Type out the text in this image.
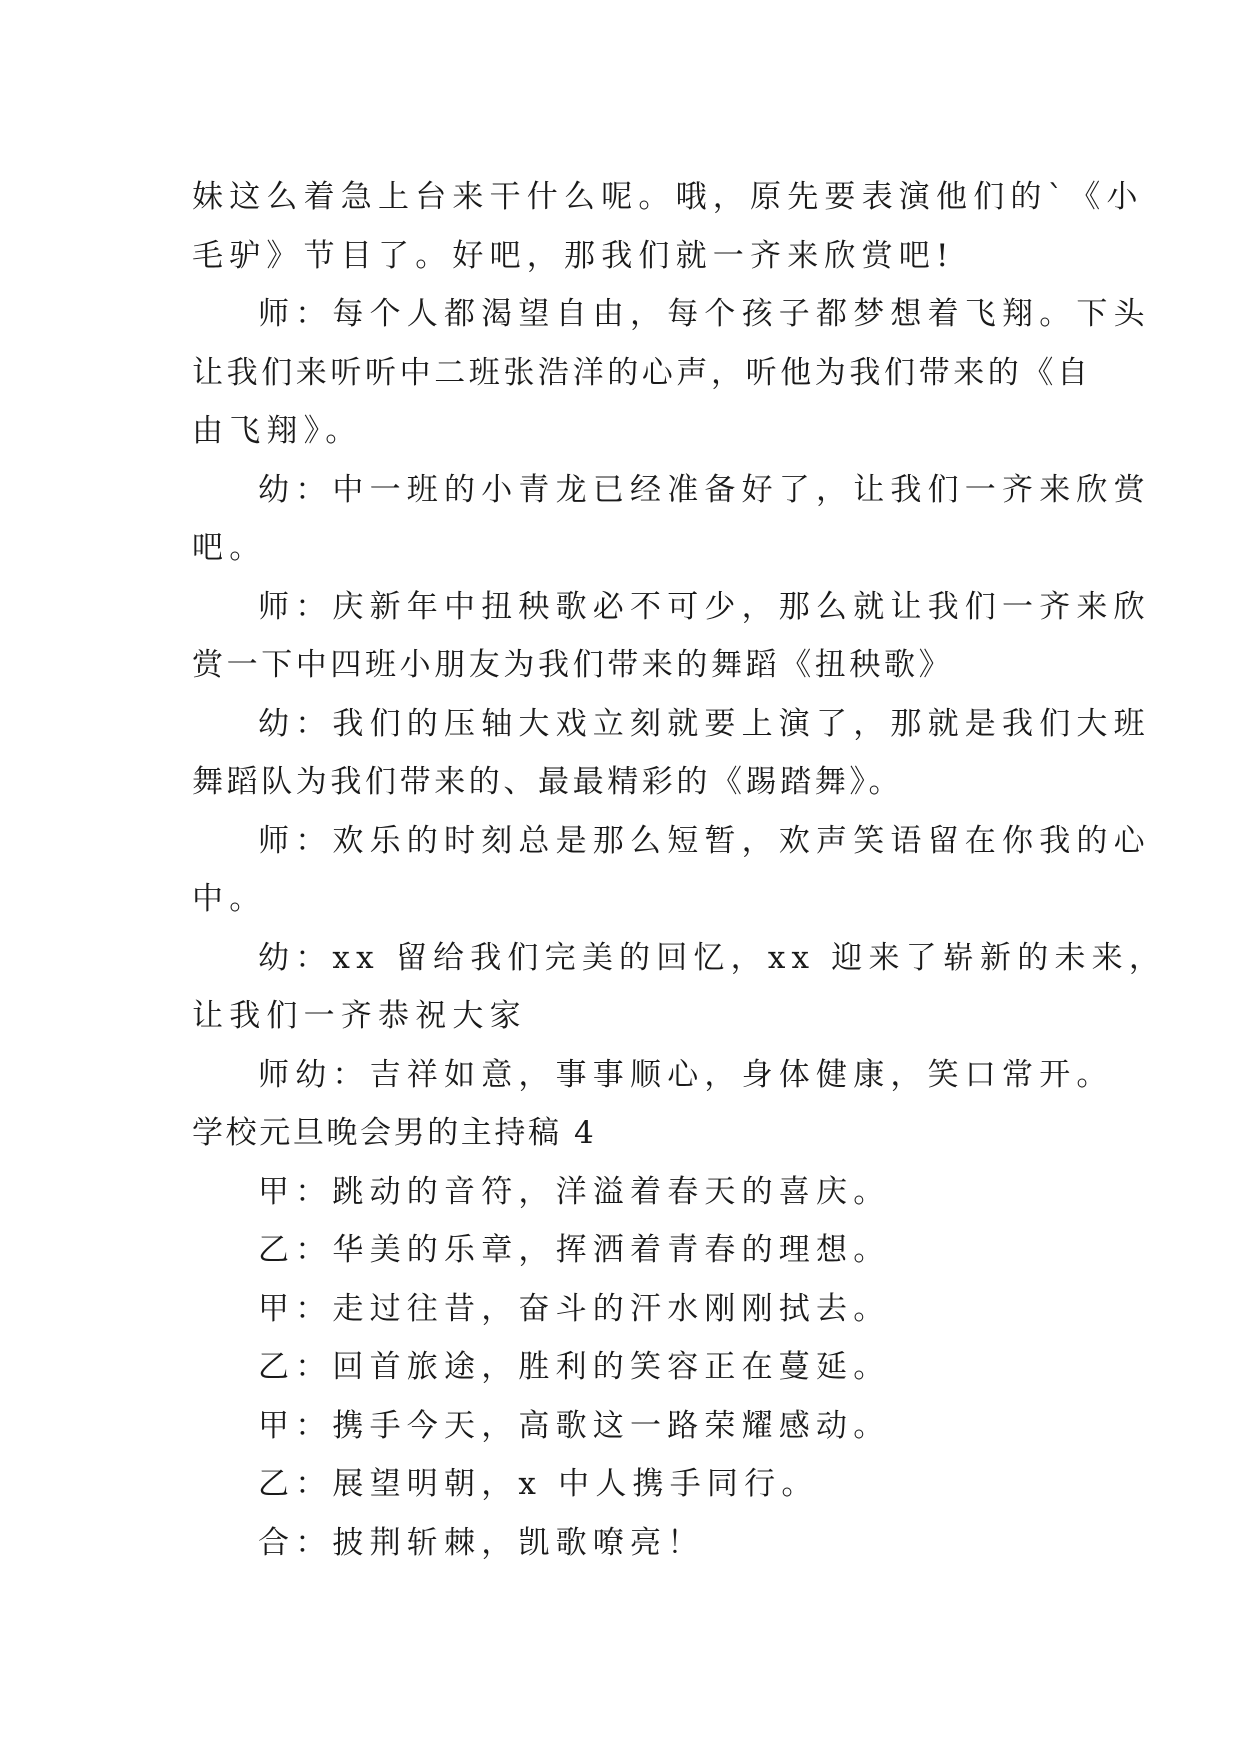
妹这么着急上台来干什么呢。哦，原先要表演他们的`《小
毛驴》节目了。好吧，那我们就一齐来欣赏吧!
师：每个人都渴望自由，每个孩子都梦想着飞翔。下头
让我们来听听中二班张浩洋的心声，听他为我们带来的《自
由飞翔》。
幼：中一班的小青龙已经准备好了，让我们一齐来欣赏
吧。
师：庆新年中扭秧歌必不可少，那么就让我们一齐来欣
赏一下中四班小朋友为我们带来的舞蹈《扭秧歌》
幼：我们的压轴大戏立刻就要上演了，那就是我们大班
舞蹈队为我们带来的、最最精彩的《踢踏舞》。
师：欢乐的时刻总是那么短暂，欢声笑语留在你我的心
中。
幼：xx 留给我们完美的回忆，xx 迎来了崭新的未来，
让我们一齐恭祝大家
师幼：吉祥如意，事事顺心，身体健康，笑口常开。
学校元旦晚会男的主持稿 4
甲：跳动的音符，洋溢着春天的喜庆。
乙：华美的乐章，挥洒着青春的理想。
甲：走过往昔，奋斗的汗水刚刚拭去。
乙：回首旅途，胜利的笑容正在蔓延。
甲：携手今天，高歌这一路荣耀感动。
乙：展望明朝，x 中人携手同行。
合：披荆斩棘，凯歌嘹亮！
